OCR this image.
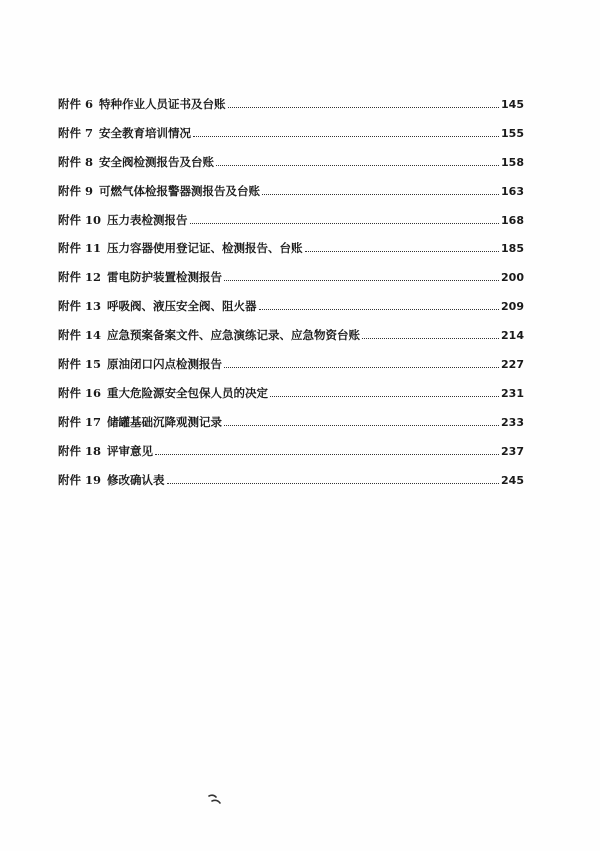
附件 6 特种作业人员证书及台账	145
附件 7 安全教育培训情况	155
附件 8 安全阀检测报告及台账	158
附件 9 可燃气体检报警器测报告及台账	163
附件 10 压力表检测报告	168
附件 11 压力容器使用登记证、检测报告、台账	185
附件 12 雷电防护装置检测报告	200
附件 13 呼吸阀、液压安全阀、阻火器	209
附件 14 应急预案备案文件、应急演练记录、应急物资台账	214
附件 15 原油闭口闪点检测报告	227
附件 16 重大危险源安全包保人员的决定	231
附件 17 储罐基础沉降观测记录	233
附件 18 评审意见	237
附件 19 修改确认表	245
